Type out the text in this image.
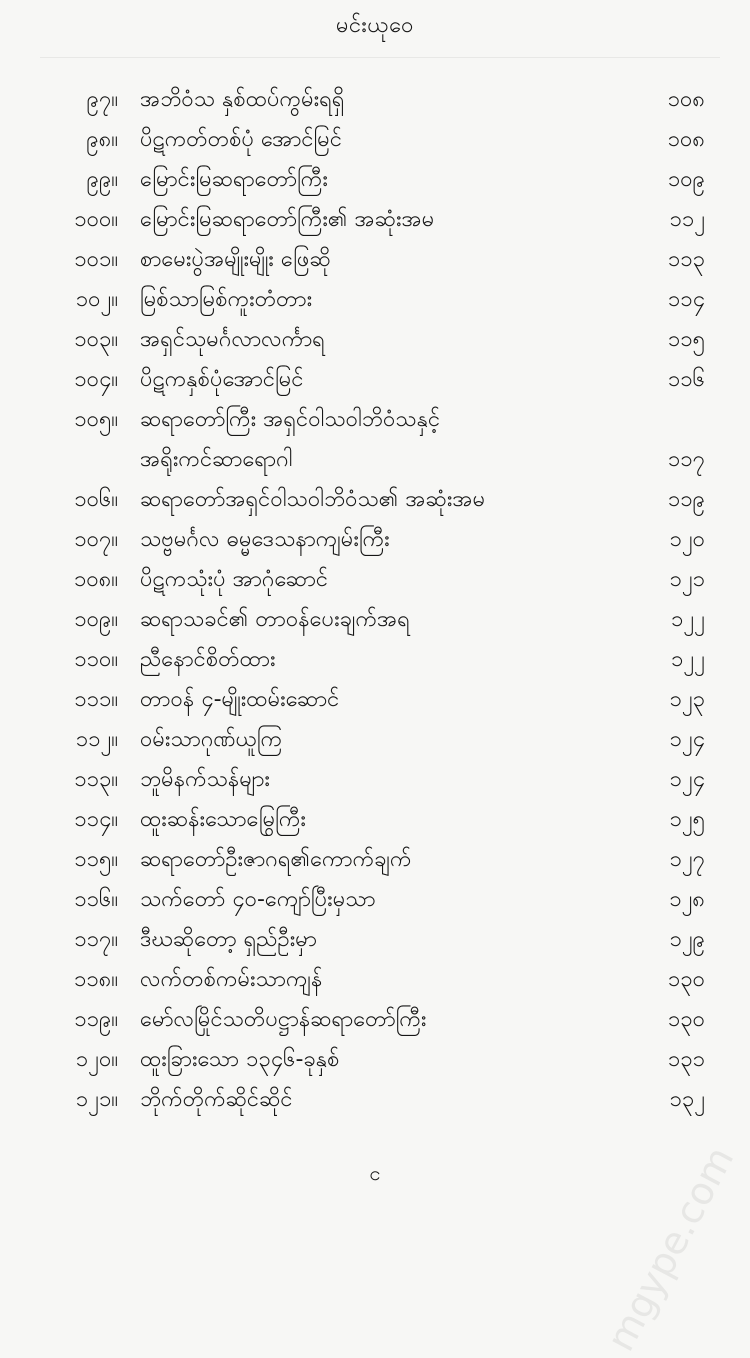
မင်းယုဝေ
၉၇။ အဘိဝံသ နှစ်ထပ်ကွမ်းရရှိ	၁၀၈
၉၈။ ပိဋကတ်တစ်ပုံ အောင်မြင်	၁၀၈
၉၉။ မြောင်းမြဆရာတော်ကြီး	၁၀၉
၁၀၀။ မြောင်းမြဆရာတော်ကြီး၏ အဆုံးအမ	၁၁၂
၁၀၁။ စာမေးပွဲအမျိုးမျိုး ဖြေဆို	၁၁၃
၁၀၂။ မြစ်သာမြစ်ကူးတံတား	၁၁၄
၁၀၃။ အရှင်သုမင်္ဂလာလင်္ကာရ	၁၁၅
၁၀၄။ ပိဋကနှစ်ပုံအောင်မြင်	၁၁၆
၁၀၅။ ဆရာတော်ကြီး အရှင်ဝါသဝါဘိဝံသနှင့်
အရိုးကင်ဆာရောဂါ	၁၁၇
၁၀၆။ ဆရာတော်အရှင်ဝါသဝါဘိဝံသ၏ အဆုံးအမ	၁၁၉
၁၀၇။ သဗ္ဗမင်္ဂလ ဓမ္မဒေသနာကျမ်းကြီး	၁၂၀
၁၀၈။ ပိဋကသုံးပုံ အာဂုံဆောင်	၁၂၁
၁၀၉။ ဆရာသခင်၏ တာဝန်ပေးချက်အရ	၁၂၂
၁၁၀။ ညီနောင်စိတ်ထား	၁၂၂
၁၁၁။ တာဝန် ၄-မျိုးထမ်းဆောင်	၁၂၃
၁၁၂။ ဝမ်းသာဂုဏ်ယူကြ	၁၂၄
၁၁၃။ ဘူမိနက်သန်များ	၁၂၄
၁၁၄။ ထူးဆန်းသောမြွေကြီး	၁၂၅
၁၁၅။ ဆရာတော်ဦးဇာဂရ၏ကောက်ချက်	၁၂၇
၁၁၆။ သက်တော် ၄၀-ကျော်ပြီးမှသာ	၁၂၈
၁၁၇။ ဒီဃဆိုတော့ ရှည်ဦးမှာ	၁၂၉
၁၁၈။ လက်တစ်ကမ်းသာကျန်	၁၃၀
၁၁၉။ မော်လမြိုင်သတိပဋ္ဌာန်ဆရာတော်ကြီး	၁၃၀
၁၂၀။ ထူးခြားသော ၁၃၄၆-ခုနှစ်	၁၃၁
၁၂၁။ ဘိုက်တိုက်ဆိုင်ဆိုင်	၁၃၂
င	mgype.com
